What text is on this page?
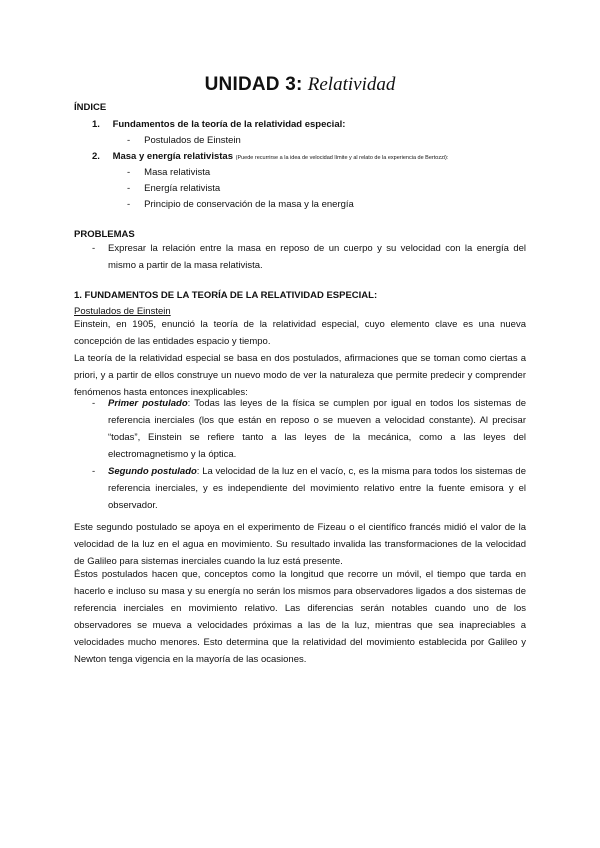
UNIDAD 3: Relatividad
ÍNDICE
1. Fundamentos de la teoría de la relatividad especial:
- Postulados de Einstein
2. Masa y energía relativistas (Puede recurrirse a la idea de velocidad límite y al relato de la experiencia de Bertozzi):
- Masa relativista
- Energía relativista
- Principio de conservación de la masa y la energía
PROBLEMAS
- Expresar la relación entre la masa en reposo de un cuerpo y su velocidad con la energía del mismo a partir de la masa relativista.

1. FUNDAMENTOS DE LA TEORÍA DE LA RELATIVIDAD ESPECIAL:
Postulados de Einstein

Einstein, en 1905, enunció la teoría de la relatividad especial, cuyo elemento clave es una nueva concepción de las entidades espacio y tiempo.

La teoría de la relatividad especial se basa en dos postulados, afirmaciones que se toman como ciertas a priori, y a partir de ellos construye un nuevo modo de ver la naturaleza que permite predecir y comprender fenómenos hasta entonces inexplicables:

- Primer postulado: Todas las leyes de la física se cumplen por igual en todos los sistemas de referencia inerciales (los que están en reposo o se mueven a velocidad constante). Al precisar “todas”, Einstein se refiere tanto a las leyes de la mecánica, como a las leyes del electromagnetismo y la óptica.

- Segundo postulado: La velocidad de la luz en el vacío, c, es la misma para todos los sistemas de referencia inerciales, y es independiente del movimiento relativo entre la fuente emisora y el observador.

Este segundo postulado se apoya en el experimento de Fizeau o el científico francés midió el valor de la velocidad de la luz en el agua en movimiento. Su resultado invalida las transformaciones de la velocidad de Galileo para sistemas inerciales cuando la luz está presente.

Éstos postulados hacen que, conceptos como la longitud que recorre un móvil, el tiempo que tarda en hacerlo e incluso su masa y su energía no serán los mismos para observadores ligados a dos sistemas de referencia inerciales en movimiento relativo. Las diferencias serán notables cuando uno de los observadores se mueva a velocidades próximas a las de la luz, mientras que sea inapreciables a velocidades mucho menores. Esto determina que la relatividad del movimiento establecida por Galileo y Newton tenga vigencia en la mayoría de las ocasiones.
